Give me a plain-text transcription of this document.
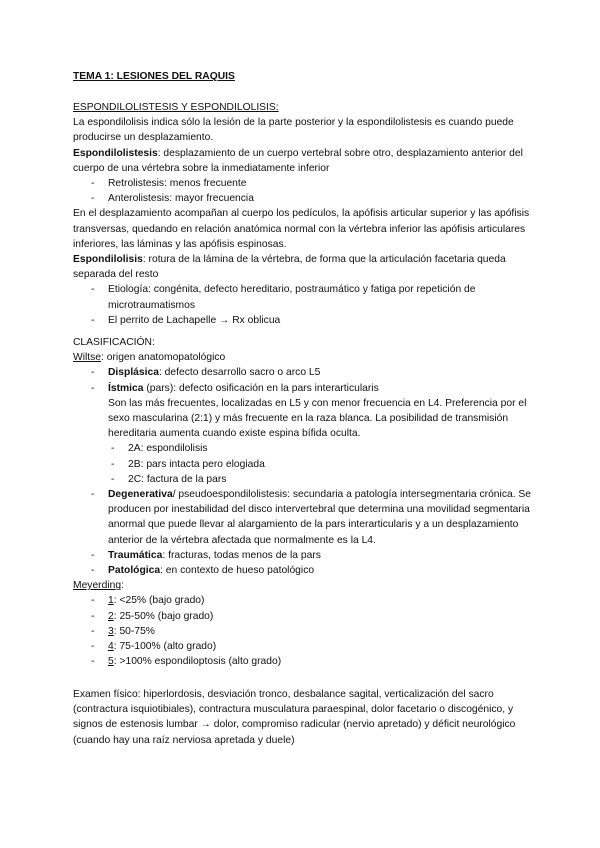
TEMA 1: LESIONES DEL RAQUIS

ESPONDILOLISTESIS Y ESPONDILOLISIS:

La espondilolisis indica sólo la lesión de la parte posterior y la espondilolistesis es cuando puede producirse un desplazamiento.

Espondilolistesis: desplazamiento de un cuerpo vertebral sobre otro, desplazamiento anterior del cuerpo de una vértebra sobre la inmediatamente inferior

- Retrolistesis: menos frecuente
- Anterolistesis: mayor frecuencia

En el desplazamiento acompañan al cuerpo los pedículos, la apófisis articular superior y las apófisis transversas, quedando en relación anatómica normal con la vértebra inferior las apófisis articulares inferiores, las láminas y las apófisis espinosas.

Espondilolisis: rotura de la lámina de la vértebra, de forma que la articulación facetaria queda separada del resto

- Etiología: congénita, defecto hereditario, postraumático y fatiga por repetición de microtraumatismos
- El perrito de Lachapelle → Rx oblicua

CLASIFICACIÓN:

Wiltse: origen anatomopatológico

- Displásica: defecto desarrollo sacro o arco L5
- Ístmica (pars): defecto osificación en la pars interarticularis
Son las más frecuentes, localizadas en L5 y con menor frecuencia en L4. Preferencia por el sexo mascularina (2:1) y más frecuente en la raza blanca. La posibilidad de transmisión hereditaria aumenta cuando existe espina bífida oculta.
- 2A: espondilolisis
- 2B: pars intacta pero elogiada
- 2C: factura de la pars
- Degenerativa/ pseudoespondilolistesis: secundaria a patología intersegmentaria crónica. Se producen por inestabilidad del disco intervertebral que determina una movilidad segmentaria anormal que puede llevar al alargamiento de la pars interarticularis y a un desplazamiento anterior de la vértebra afectada que normalmente es la L4.
- Traumática: fracturas, todas menos de la pars
- Patológica: en contexto de hueso patológico

Meyerding:

- 1: <25% (bajo grado)
- 2: 25-50% (bajo grado)
- 3: 50-75%
- 4: 75-100% (alto grado)
- 5: >100% espondiloptosis (alto grado)

Examen físico: hiperlordosis, desviación tronco, desbalance sagital, verticalización del sacro (contractura isquiotibiales), contractura musculatura paraespinal, dolor facetario o discogénico, y signos de estenosis lumbar → dolor, compromiso radicular (nervio apretado) y déficit neurológico (cuando hay una raíz nerviosa apretada y duele)
